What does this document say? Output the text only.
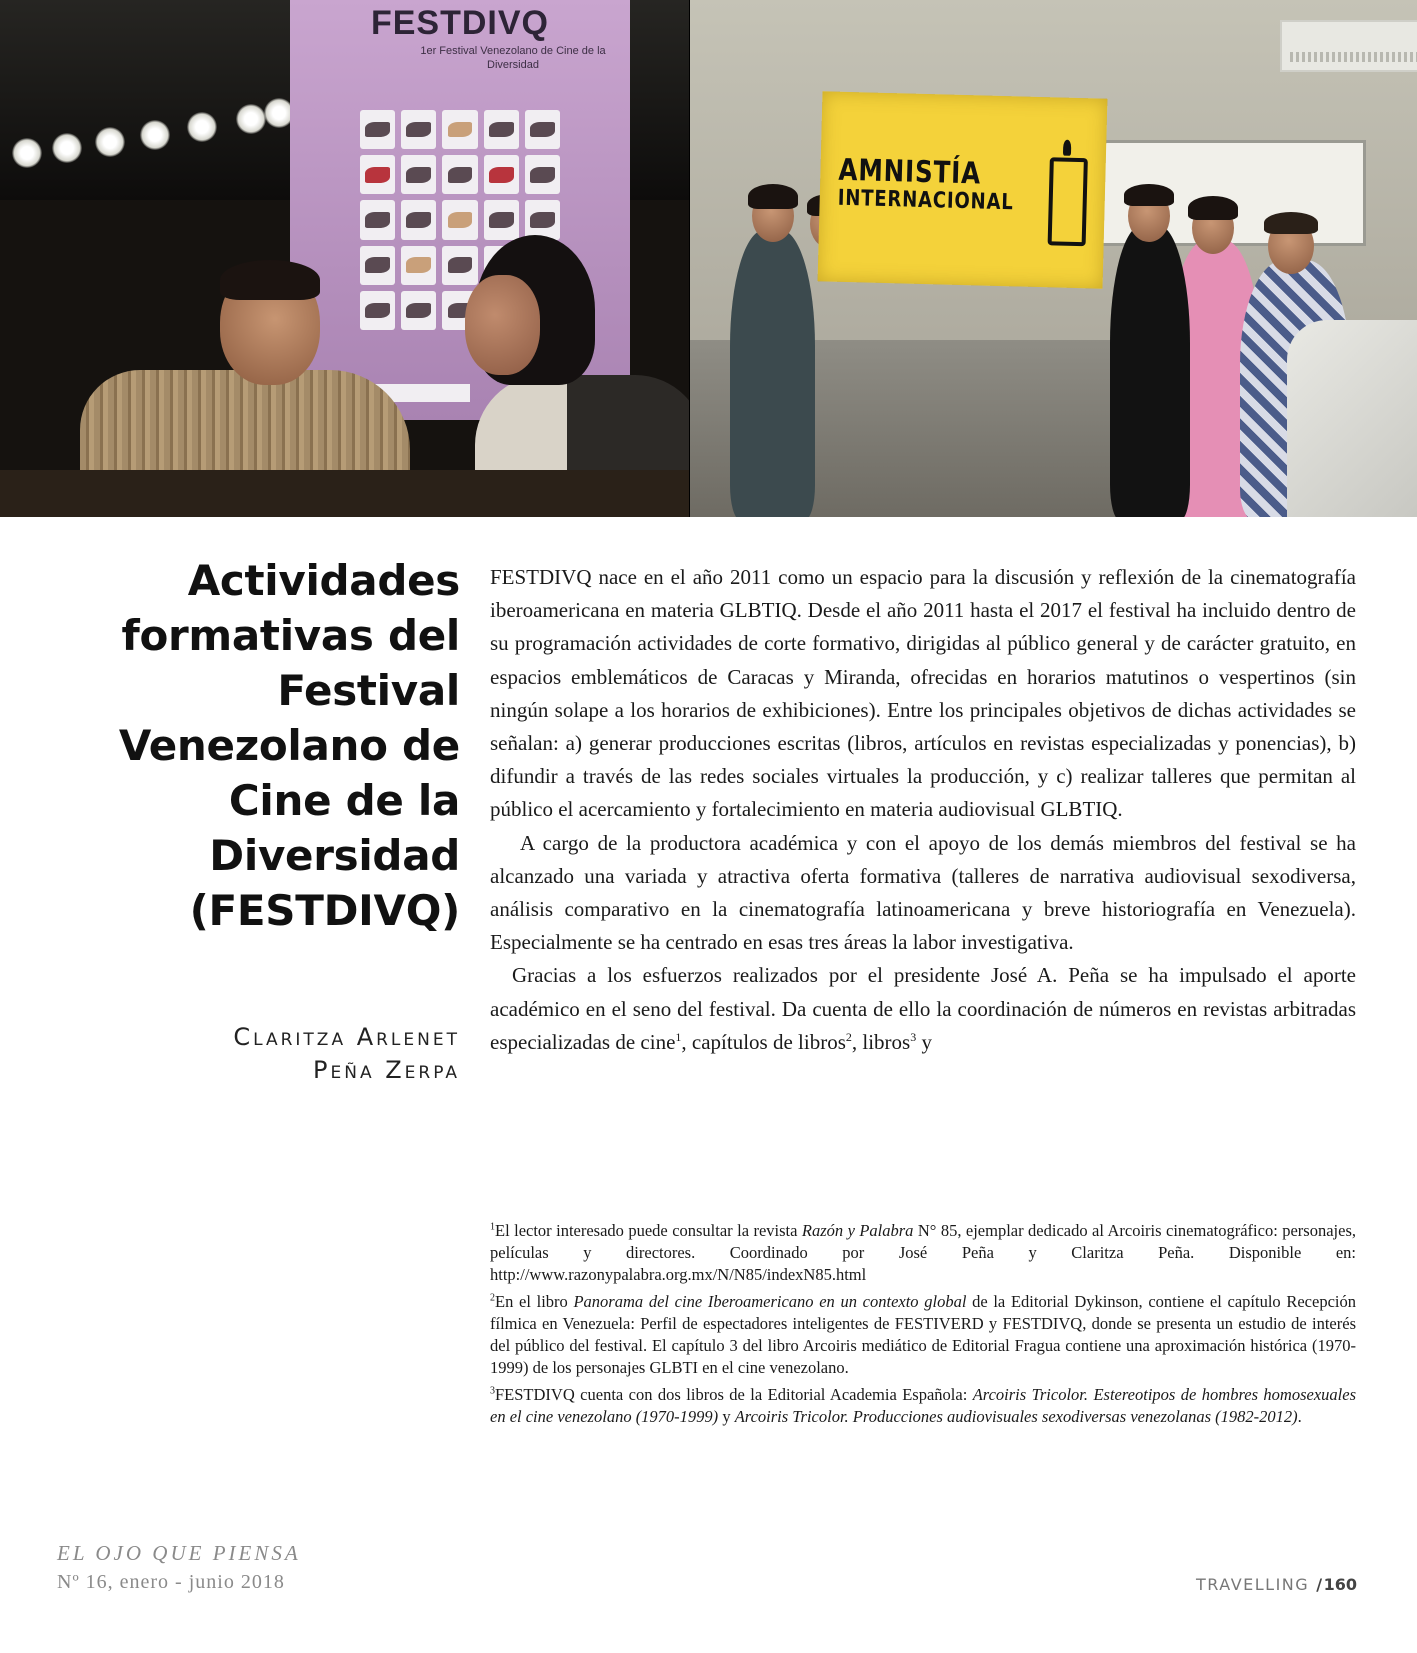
FESTDIVQ
1er Festival Venezolano de Cine de la Diversidad
AMNISTÍA
INTERNACIONAL
Actividades formativas del Festival Venezolano de Cine de la Diversidad (FESTDIVQ)
Claritza Arlenet
Peña Zerpa

FESTDIVQ nace en el año 2011 como un espacio para la discusión y reflexión de la cinematografía iberoamericana en materia GLBTIQ. Desde el año 2011 hasta el 2017 el festival ha incluido dentro de su programación actividades de corte formativo, dirigidas al público general y de carácter gratuito, en espacios emblemáticos de Caracas y Miranda, ofrecidas en horarios matutinos o vespertinos (sin ningún solape a los horarios de exhibiciones). Entre los principales objetivos de dichas actividades se señalan: a) generar producciones escritas (libros, artículos en revistas especializadas y ponencias), b) difundir a través de las redes sociales virtuales la producción, y c) realizar talleres que permitan al público el acercamiento y fortalecimiento en materia audiovisual GLBTIQ.

A cargo de la productora académica y con el apoyo de los demás miembros del festival se ha alcanzado una variada y atractiva oferta formativa (talleres de narrativa audiovisual sexodiversa, análisis comparativo en la cinematografía latinoamericana y breve historiografía en Venezuela). Especialmente se ha centrado en esas tres áreas la labor investigativa.

Gracias a los esfuerzos realizados por el presidente José A. Peña se ha impulsado el aporte académico en el seno del festival. Da cuenta de ello la coordinación de números en revistas arbitradas especializadas de cine$^1$, capítulos de libros$^2$, libros$^3$ y

$^1$El lector interesado puede consultar la revista Razón y Palabra N° 85, ejemplar dedicado al Arcoiris cinematográfico: personajes, películas y directores. Coordinado por José Peña y Claritza Peña. Disponible en: http://www.razonypalabra.org.mx/N/N85/indexN85.html

$^2$En el libro Panorama del cine Iberoamericano en un contexto global de la Editorial Dykinson, contiene el capítulo Recepción fílmica en Venezuela: Perfil de espectadores inteligentes de FESTIVERD y FESTDIVQ, donde se presenta un estudio de interés del público del festival. El capítulo 3 del libro Arcoiris mediático de Editorial Fragua contiene una aproximación histórica (1970- 1999) de los personajes GLBTI en el cine venezolano.

$^3$FESTDIVQ cuenta con dos libros de la Editorial Academia Española: Arcoiris Tricolor. Estereotipos de hombres homosexuales en el cine venezolano (1970-1999) y Arcoiris Tricolor. Producciones audiovisuales sexodiversas venezolanas (1982-2012).

EL OJO QUE PIENSA
Nº 16, enero - junio 2018	TRAVELLING /160
